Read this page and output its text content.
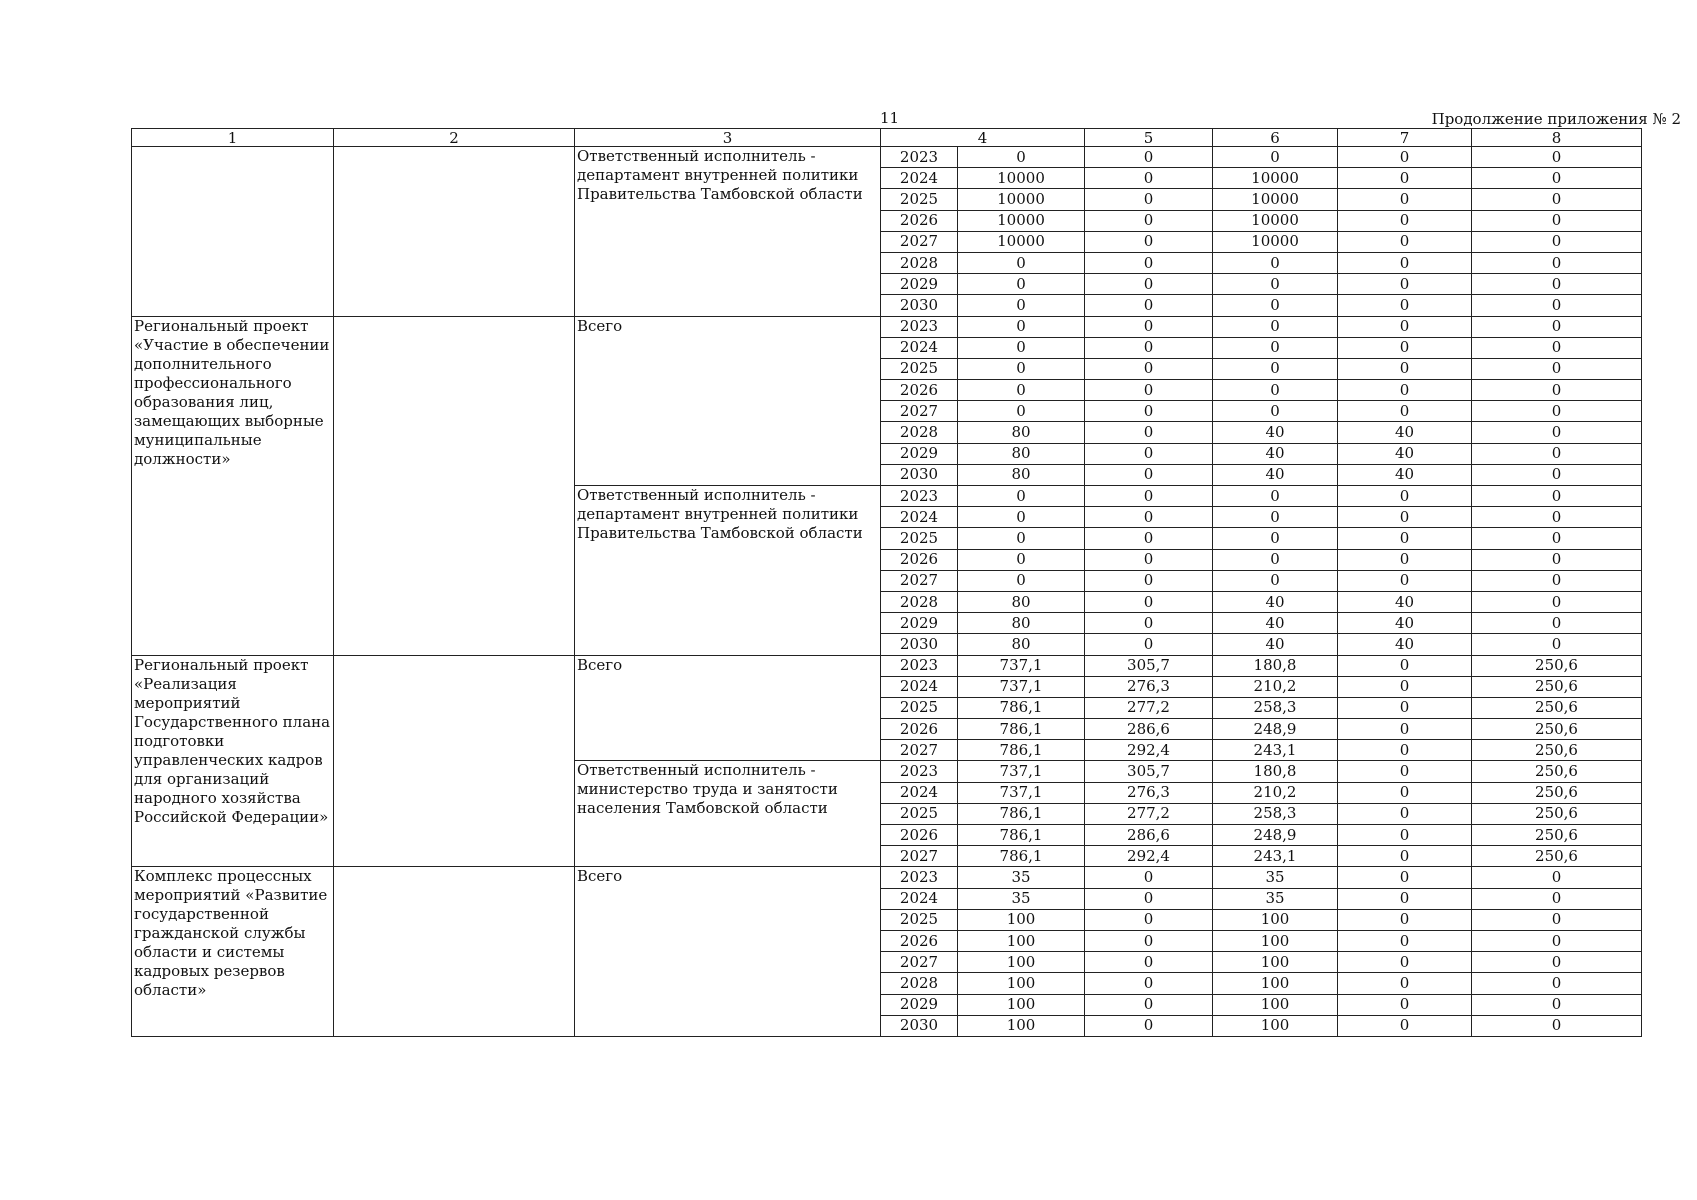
11	Продолжение приложения № 2
1	2	3	4		5	6	7	8
		Ответственный исполнитель - департамент внутренней политики Правительства Тамбовской области	2023	0	0	0	0	0
			2024	10000	0	10000	0	0
			2025	10000	0	10000	0	0
			2026	10000	0	10000	0	0
			2027	10000	0	10000	0	0
			2028	0	0	0	0	0
			2029	0	0	0	0	0
			2030	0	0	0	0	0
Региональный проект «Участие в обеспечении дополнительного профессионального образования лиц, замещающих выборные муниципальные должности»		Всего	2023	0	0	0	0	0
			2024	0	0	0	0	0
			2025	0	0	0	0	0
			2026	0	0	0	0	0
			2027	0	0	0	0	0
			2028	80	0	40	40	0
			2029	80	0	40	40	0
			2030	80	0	40	40	0
		Ответственный исполнитель - департамент внутренней политики Правительства Тамбовской области	2023	0	0	0	0	0
			2024	0	0	0	0	0
			2025	0	0	0	0	0
			2026	0	0	0	0	0
			2027	0	0	0	0	0
			2028	80	0	40	40	0
			2029	80	0	40	40	0
			2030	80	0	40	40	0
Региональный проект «Реализация мероприятий Государственного плана подготовки управленческих кадров для организаций народного хозяйства Российской Федерации»		Всего	2023	737,1	305,7	180,8	0	250,6
			2024	737,1	276,3	210,2	0	250,6
			2025	786,1	277,2	258,3	0	250,6
			2026	786,1	286,6	248,9	0	250,6
			2027	786,1	292,4	243,1	0	250,6
		Ответственный исполнитель - министерство труда и занятости населения Тамбовской области	2023	737,1	305,7	180,8	0	250,6
			2024	737,1	276,3	210,2	0	250,6
			2025	786,1	277,2	258,3	0	250,6
			2026	786,1	286,6	248,9	0	250,6
			2027	786,1	292,4	243,1	0	250,6
Комплекс процессных мероприятий «Развитие государственной гражданской службы области и системы кадровых резервов области»		Всего	2023	35	0	35	0	0
			2024	35	0	35	0	0
			2025	100	0	100	0	0
			2026	100	0	100	0	0
			2027	100	0	100	0	0
			2028	100	0	100	0	0
			2029	100	0	100	0	0
			2030	100	0	100	0	0
